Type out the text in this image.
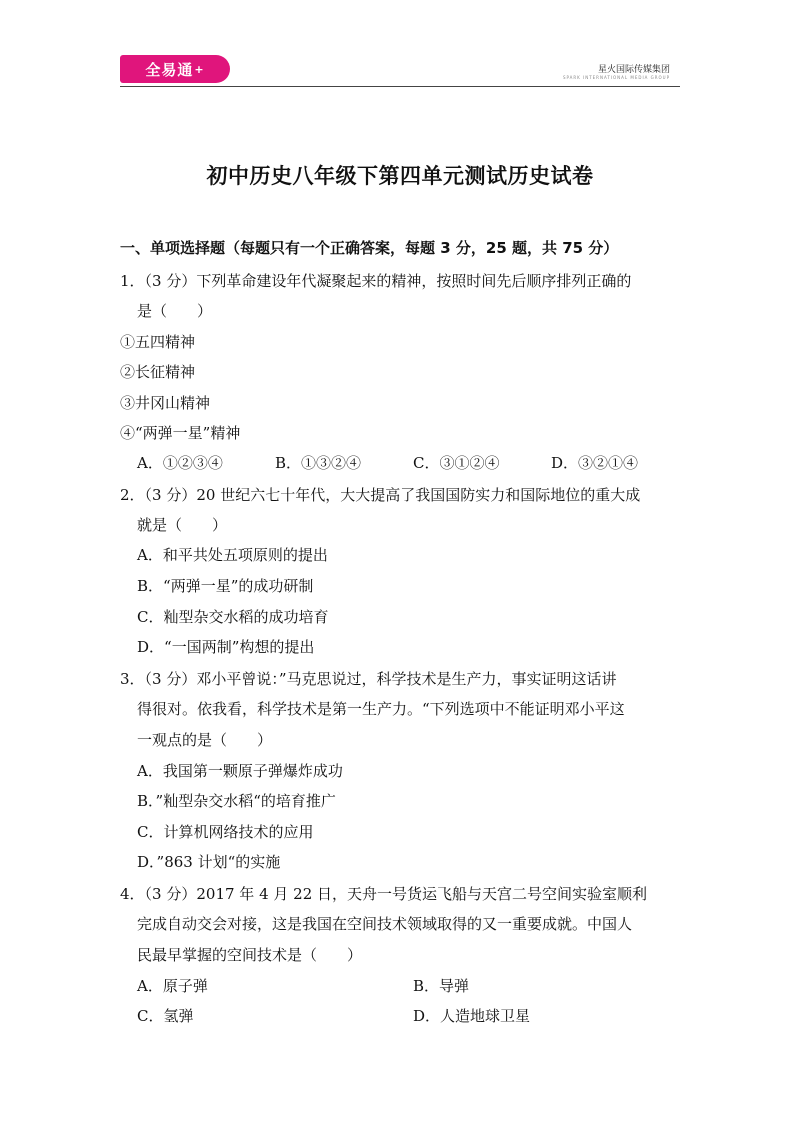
全易通 +	星火国际传媒集团
SPARK INTERNATIONAL MEDIA GROUP
初中历史八年级下第四单元测试历史试卷
一、单项选择题（每题只有一个正确答案，每题 3 分，25 题，共 75 分）
1．（3 分）下列革命建设年代凝聚起来的精神，按照时间先后顺序排列正确的
是（　　）
①五四精神
②长征精神
③井冈山精神
④“两弹一星”精神
A．①②③④	B．①③②④	C．③①②④	D．③②①④
2．（3 分）20 世纪六七十年代，大大提高了我国国防实力和国际地位的重大成
就是（　　）
A．和平共处五项原则的提出
B．“两弹一星”的成功研制
C．籼型杂交水稻的成功培育
D．“一国两制”构想的提出
3．（3 分）邓小平曾说：”马克思说过，科学技术是生产力，事实证明这话讲
得很对。依我看，科学技术是第一生产力。“下列选项中不能证明邓小平这
一观点的是（　　）
A．我国第一颗原子弹爆炸成功
B．”籼型杂交水稻“的培育推广
C．计算机网络技术的应用
D．”863 计划“的实施
4．（3 分）2017 年 4 月 22 日，天舟一号货运飞船与天宫二号空间实验室顺利
完成自动交会对接，这是我国在空间技术领域取得的又一重要成就。中国人
民最早掌握的空间技术是（　　）
A．原子弹	B．导弹
C．氢弹	D．人造地球卫星
